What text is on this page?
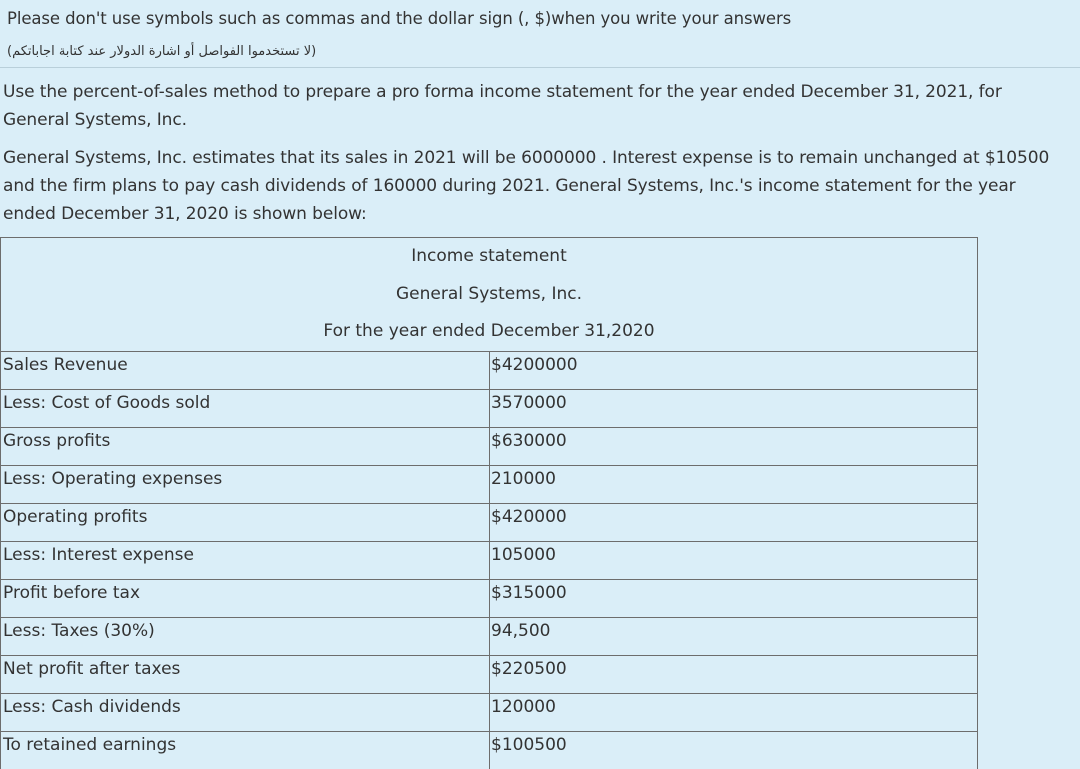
Please don't use symbols such as commas and the dollar sign (, $)when you write your answers
(لا تستخدموا الفواصل أو اشارة الدولار عند كتابة اجاباتكم)
Use the percent-of-sales method to prepare a pro forma income statement for the year ended December 31, 2021, for
General Systems, Inc.
General Systems, Inc. estimates that its sales in 2021 will be 6000000 . Interest expense is to remain unchanged at $10500
and the firm plans to pay cash dividends of 160000 during 2021. General Systems, Inc.'s income statement for the year
ended December 31, 2020 is shown below:
Income statement
General Systems, Inc.
For the year ended December 31,2020
Sales Revenue	$4200000
Less: Cost of Goods sold	3570000
Gross profits	$630000
Less: Operating expenses	210000
Operating profits	$420000
Less: Interest expense	105000
Profit before tax	$315000
Less: Taxes (30%)	94,500
Net profit after taxes	$220500
Less: Cash dividends	120000
To retained earnings	$100500
